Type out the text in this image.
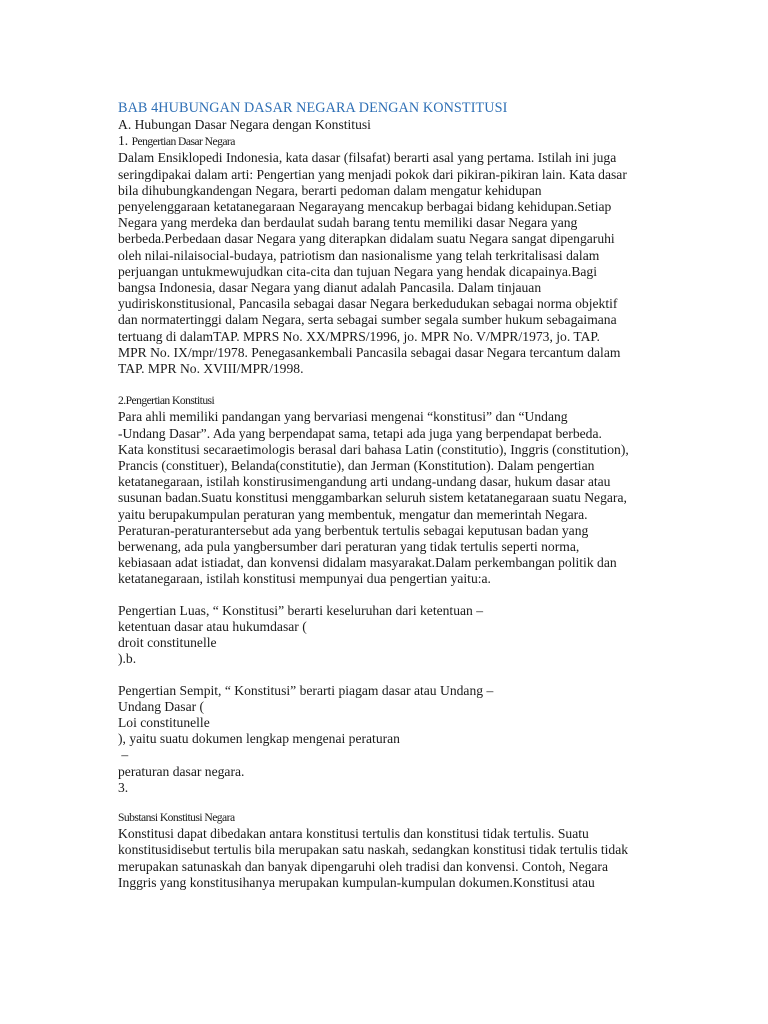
BAB 4HUBUNGAN DASAR NEGARA DENGAN KONSTITUSI
A. Hubungan Dasar Negara dengan Konstitusi
1. Pengertian Dasar Negara
Dalam Ensiklopedi Indonesia, kata dasar (filsafat) berarti asal yang pertama. Istilah ini juga
seringdipakai dalam arti: Pengertian yang menjadi pokok dari pikiran-pikiran lain. Kata dasar
bila dihubungkandengan Negara, berarti pedoman dalam mengatur kehidupan
penyelenggaraan ketatanegaraan Negarayang mencakup berbagai bidang kehidupan.Setiap
Negara yang merdeka dan berdaulat sudah barang tentu memiliki dasar Negara yang
berbeda.Perbedaan dasar Negara yang diterapkan didalam suatu Negara sangat dipengaruhi
oleh nilai-nilaisocial-budaya, patriotism dan nasionalisme yang telah terkritalisasi dalam
perjuangan untukmewujudkan cita-cita dan tujuan Negara yang hendak dicapainya.Bagi
bangsa Indonesia, dasar Negara yang dianut adalah Pancasila. Dalam tinjauan
yudiriskonstitusional, Pancasila sebagai dasar Negara berkedudukan sebagai norma objektif
dan normatertinggi dalam Negara, serta sebagai sumber segala sumber hukum sebagaimana
tertuang di dalamTAP. MPRS No. XX/MPRS/1996, jo. MPR No. V/MPR/1973, jo. TAP.
MPR No. IX/mpr/1978. Penegasankembali Pancasila sebagai dasar Negara tercantum dalam
TAP. MPR No. XVIII/MPR/1998.
2.Pengertian Konstitusi
Para ahli memiliki pandangan yang bervariasi mengenai “konstitusi” dan “Undang
-Undang Dasar”. Ada yang berpendapat sama, tetapi ada juga yang berpendapat berbeda.
Kata konstitusi secaraetimologis berasal dari bahasa Latin (constitutio), Inggris (constitution),
Prancis (constituer), Belanda(constitutie), dan Jerman (Konstitution). Dalam pengertian
ketatanegaraan, istilah konstirusimengandung arti undang-undang dasar, hukum dasar atau
susunan badan.Suatu konstitusi menggambarkan seluruh sistem ketatanegaraan suatu Negara,
yaitu berupakumpulan peraturan yang membentuk, mengatur dan memerintah Negara.
Peraturan-peraturantersebut ada yang berbentuk tertulis sebagai keputusan badan yang
berwenang, ada pula yangbersumber dari peraturan yang tidak tertulis seperti norma,
kebiasaan adat istiadat, dan konvensi didalam masyarakat.Dalam perkembangan politik dan
ketatanegaraan, istilah konstitusi mempunyai dua pengertian yaitu:a.
Pengertian Luas, “ Konstitusi” berarti keseluruhan dari ketentuan –
ketentuan dasar atau hukumdasar (
droit constitunelle
).b.
Pengertian Sempit, “ Konstitusi” berarti piagam dasar atau Undang –
Undang Dasar (
Loi constitunelle
), yaitu suatu dokumen lengkap mengenai peraturan
–
peraturan dasar negara.
3.
Substansi Konstitusi Negara
Konstitusi dapat dibedakan antara konstitusi tertulis dan konstitusi tidak tertulis. Suatu
konstitusidisebut tertulis bila merupakan satu naskah, sedangkan konstitusi tidak tertulis tidak
merupakan satunaskah dan banyak dipengaruhi oleh tradisi dan konvensi. Contoh, Negara
Inggris yang konstitusihanya merupakan kumpulan-kumpulan dokumen.Konstitusi atau
